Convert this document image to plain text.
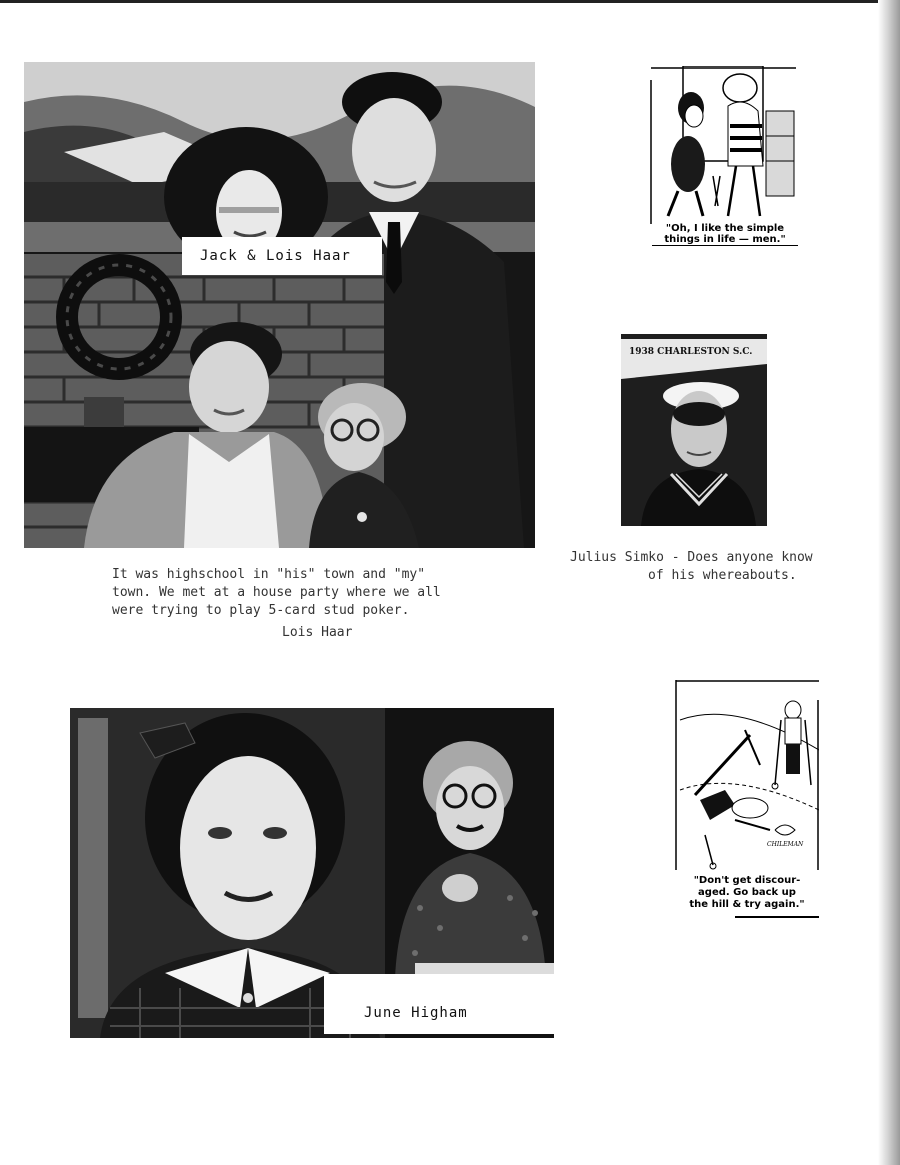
Jack & Lois Haar

It was highschool in "his" town and "my"

town. We met at a house party where we all

were trying to play 5-card stud poker.

Lois Haar
"Oh, I like the simple
things in life — men."
1938 CHARLESTON S.C.

Julius Simko - Does anyone know

of his whereabouts.

June Higham
CHILEMAN
"Don't get discour-
aged. Go back up
the hill & try again."
